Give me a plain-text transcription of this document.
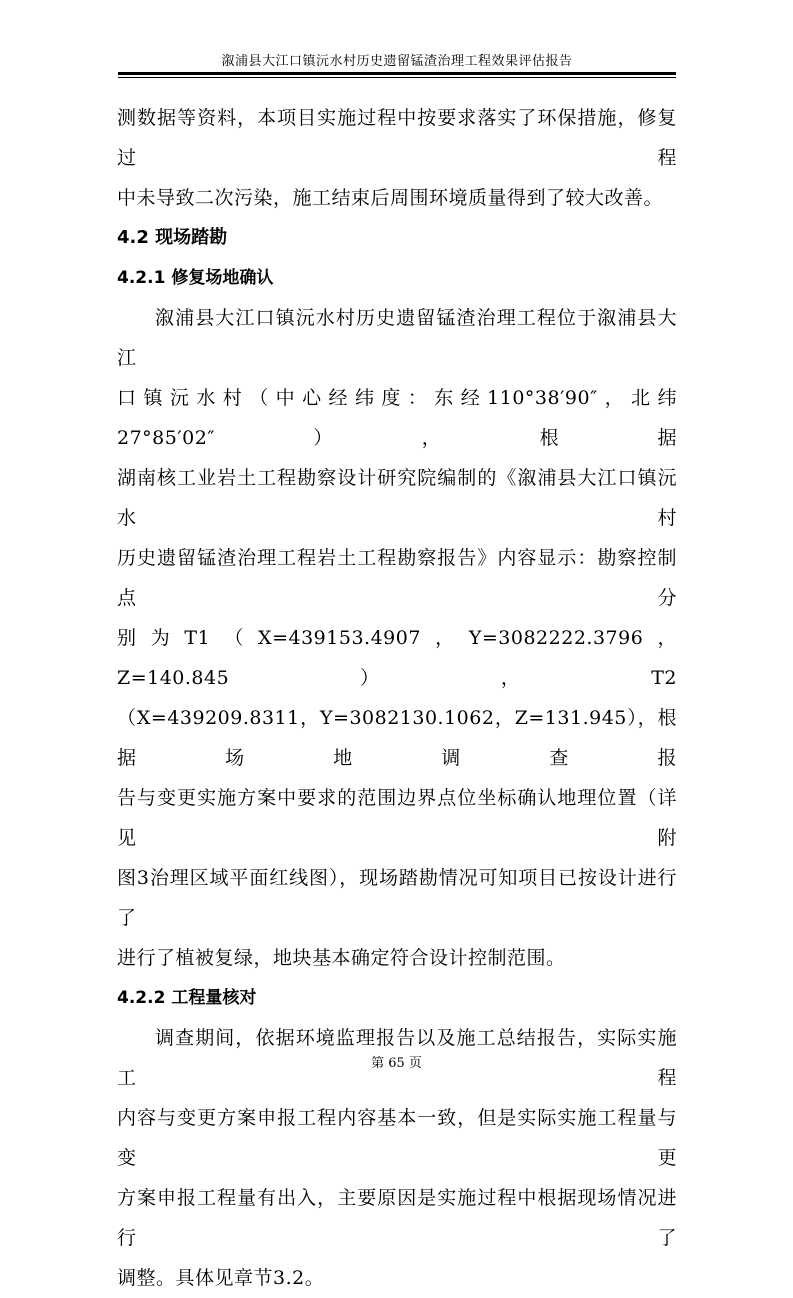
溆浦县大江口镇沅水村历史遗留锰渣治理工程效果评估报告

测数据等资料，本项目实施过程中按要求落实了环保措施，修复过程

中未导致二次污染，施工结束后周围环境质量得到了较大改善。

4.2 现场踏勘

4.2.1 修复场地确认

溆浦县大江口镇沅水村历史遗留锰渣治理工程位于溆浦县大江

口镇沅水村（中心经纬度：东经110°38′90″，北纬27°85′02″），根据

湖南核工业岩土工程勘察设计研究院编制的《溆浦县大江口镇沅水村

历史遗留锰渣治理工程岩土工程勘察报告》内容显示：勘察控制点分

别为T1（X=439153.4907，Y=3082222.3796，Z=140.845），T2

（X=439209.8311，Y=3082130.1062，Z=131.945），根据场地调查报

告与变更实施方案中要求的范围边界点位坐标确认地理位置（详见附

图3治理区域平面红线图），现场踏勘情况可知项目已按设计进行了

进行了植被复绿，地块基本确定符合设计控制范围。

4.2.2 工程量核对

调查期间，依据环境监理报告以及施工总结报告，实际实施工程

内容与变更方案申报工程内容基本一致，但是实际实施工程量与变更

方案申报工程量有出入，主要原因是实施过程中根据现场情况进行了

调整。具体见章节3.2。

第 65 页
